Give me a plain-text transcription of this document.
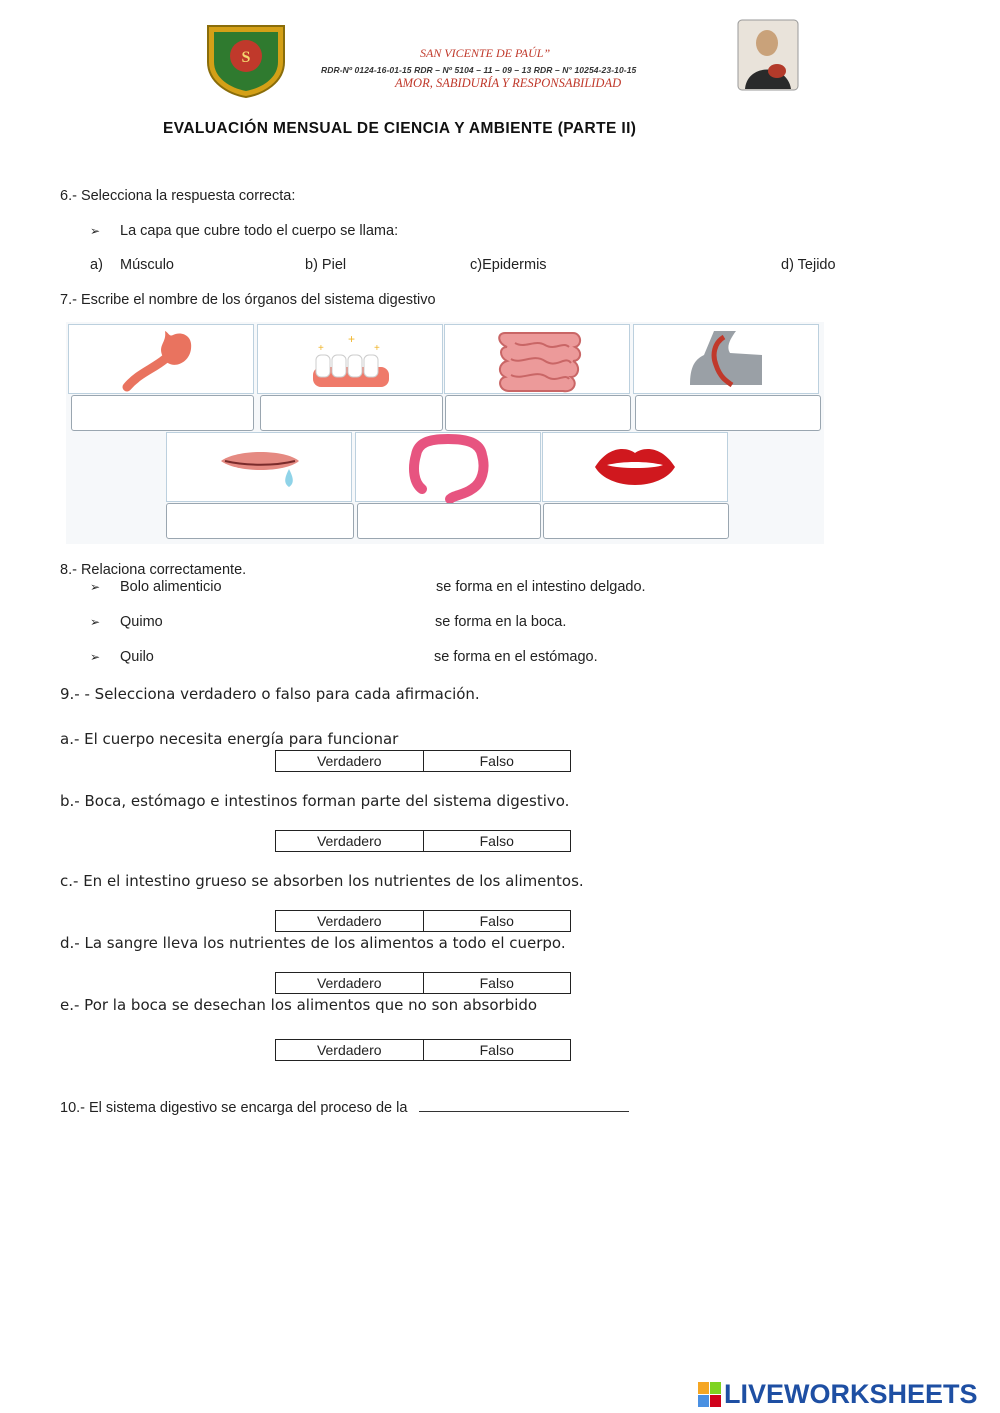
S	SAN VICENTE DE PAÚL”
RDR-Nº 0124-16-01-15 RDR – Nº 5104 – 11 – 09 – 13 RDR – N° 10254-23-10-15
AMOR, SABIDURÍA Y RESPONSABILIDAD
EVALUACIÓN MENSUAL DE CIENCIA Y AMBIENTE (PARTE II)
6.- Selecciona la respuesta correcta:
➢ La capa que cubre todo el cuerpo se llama:
a) Músculo	b) Piel	c)Epidermis	d) Tejido
7.- Escribe el nombre de los órganos del sistema digestivo
+
+
+
8.- Relaciona correctamente.
➢ Bolo alimenticio	se forma en el intestino delgado.
➢ Quimo	se forma en la boca.
➢ Quilo	se forma en el estómago.
9.- - Selecciona verdadero o falso para cada afirmación.
a.- El cuerpo necesita energía para funcionar
Verdadero	Falso
b.- Boca, estómago e intestinos forman parte del sistema digestivo.
Verdadero	Falso
c.- En el intestino grueso se absorben los nutrientes de los alimentos.
Verdadero	Falso
d.- La sangre lleva los nutrientes de los alimentos a todo el cuerpo.
Verdadero	Falso
e.- Por la boca se desechan los alimentos que no son absorbido
Verdadero	Falso
10.- El sistema digestivo se encarga del proceso de la
LIVEWORKSHEETS
